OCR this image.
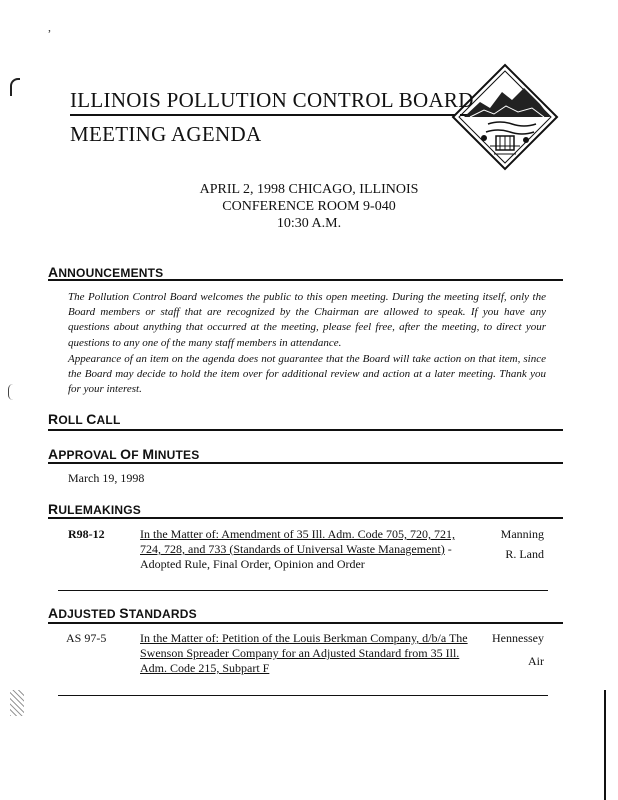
,
ILLINOIS POLLUTION CONTROL BOARD
MEETING AGENDA
APRIL 2, 1998 CHICAGO, ILLINOIS
CONFERENCE ROOM 9-040
10:30 A.M.
ANNOUNCEMENTS
The Pollution Control Board welcomes the public to this open meeting. During the meeting itself, only the Board members or staff that are recognized by the Chairman are allowed to speak. If you have any questions about anything that occurred at the meeting, please feel free, after the meeting, to direct your questions to any one of the many staff members in attendance.
Appearance of an item on the agenda does not guarantee that the Board will take action on that item, since the Board may decide to hold the item over for additional review and action at a later meeting. Thank you for your interest.
ROLL CALL
APPROVAL OF MINUTES
March 19, 1998
RULEMAKINGS
R98-12	In the Matter of: Amendment of 35 Ill. Adm. Code 705, 720, 721, 724, 728, and 733 (Standards of Universal Waste Management) - Adopted Rule, Final Order, Opinion and Order
Manning
R. Land
ADJUSTED STANDARDS
AS 97-5	In the Matter of: Petition of the Louis Berkman Company, d/b/a The Swenson Spreader Company for an Adjusted Standard from 35 Ill. Adm. Code 215, Subpart F
Hennessey
Air
